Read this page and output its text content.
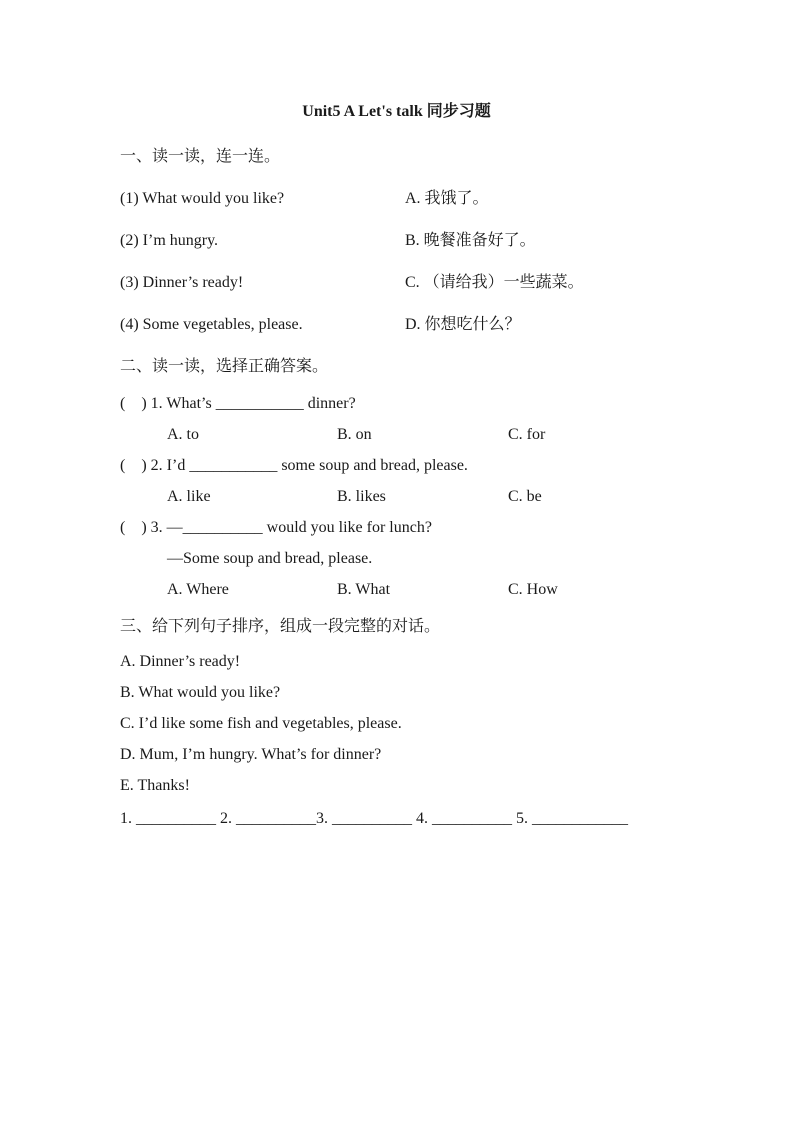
Unit5 A Let's talk 同步习题
一、读一读，连一连。
(1) What would you like?	A. 我饿了。
(2) I’m hungry.	B. 晚餐准备好了。
(3) Dinner’s ready!	C. （请给我）一些蔬菜。
(4) Some vegetables, please.	D. 你想吃什么？
二、读一读，选择正确答案。
(    ) 1. What’s ___________ dinner?
A. to	B. on	C. for
(    ) 2. I’d ___________ some soup and bread, please.
A. like	B. likes	C. be
(    ) 3. —__________ would you like for lunch?
—Some soup and bread, please.
A. Where	B. What	C. How
三、给下列句子排序，组成一段完整的对话。
A. Dinner’s ready!
B. What would you like?
C. I’d like some fish and vegetables, please.
D. Mum, I’m hungry. What’s for dinner?
E. Thanks!
1. __________ 2. __________3. __________ 4. __________ 5. ____________
